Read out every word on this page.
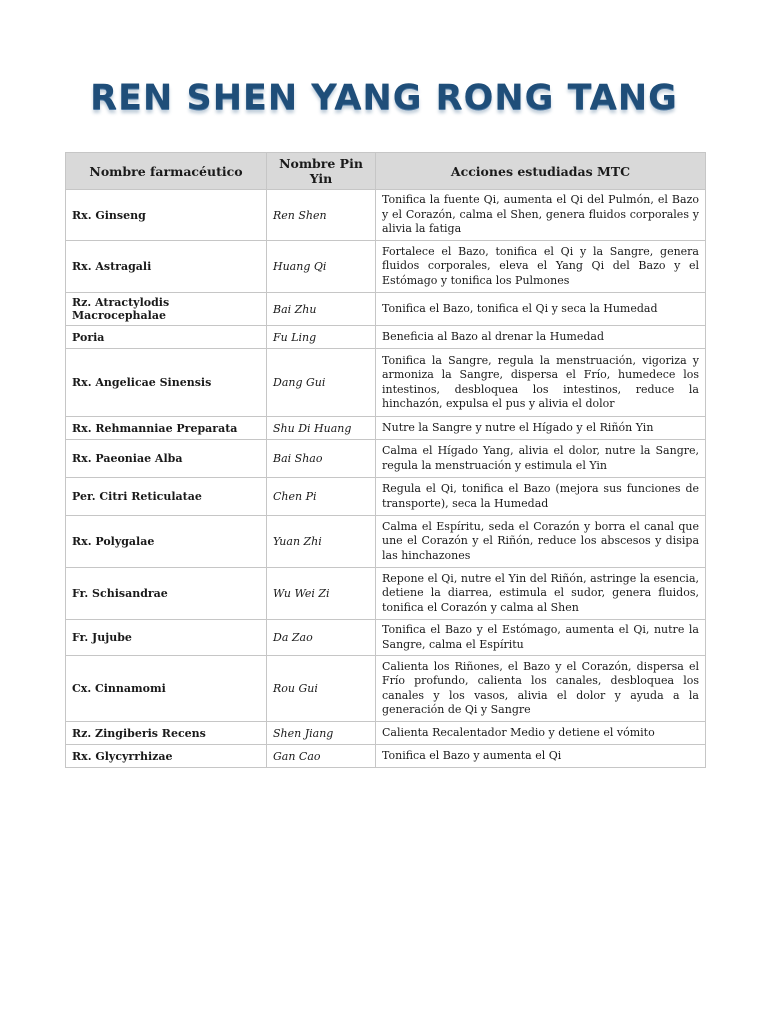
REN SHEN YANG RONG TANG
Nombre farmacéutico	Nombre Pin Yin	Acciones estudiadas MTC
Rx. Ginseng	Ren Shen	Tonifica la fuente Qi, aumenta el Qi del Pulmón, el Bazo y el Corazón, calma el Shen, genera fluidos corporales y alivia la fatiga
Rx. Astragali	Huang Qi	Fortalece el Bazo, tonifica el Qi y la Sangre, genera fluidos corporales, eleva el Yang Qi del Bazo y el Estómago y tonifica los Pulmones
Rz. Atractylodis Macrocephalae	Bai Zhu	Tonifica el Bazo, tonifica el Qi y seca la Humedad
Poria	Fu Ling	Beneficia al Bazo al drenar la Humedad
Rx. Angelicae Sinensis	Dang Gui	Tonifica la Sangre, regula la menstruación, vigoriza y armoniza la Sangre, dispersa el Frío, humedece los intestinos, desbloquea los intestinos, reduce la hinchazón, expulsa el pus y alivia el dolor
Rx. Rehmanniae Preparata	Shu Di Huang	Nutre la Sangre y nutre el Hígado y el Riñón Yin
Rx. Paeoniae Alba	Bai Shao	Calma el Hígado Yang, alivia el dolor, nutre la Sangre, regula la menstruación y estimula el Yin
Per. Citri Reticulatae	Chen Pi	Regula el Qi, tonifica el Bazo (mejora sus funciones de transporte), seca la Humedad
Rx. Polygalae	Yuan Zhi	Calma el Espíritu, seda el Corazón y borra el canal que une el Corazón y el Riñón, reduce los abscesos y disipa las hinchazones
Fr. Schisandrae	Wu Wei Zi	Repone el Qi, nutre el Yin del Riñón, astringe la esencia, detiene la diarrea, estimula el sudor, genera fluidos, tonifica el Corazón y calma al Shen
Fr. Jujube	Da Zao	Tonifica el Bazo y el Estómago, aumenta el Qi, nutre la Sangre, calma el Espíritu
Cx. Cinnamomi	Rou Gui	Calienta los Riñones, el Bazo y el Corazón, dispersa el Frío profundo, calienta los canales, desbloquea los canales y los vasos, alivia el dolor y ayuda a la generación de Qi y Sangre
Rz. Zingiberis Recens	Shen Jiang	Calienta Recalentador Medio y detiene el vómito
Rx. Glycyrrhizae	Gan Cao	Tonifica el Bazo y aumenta el Qi
